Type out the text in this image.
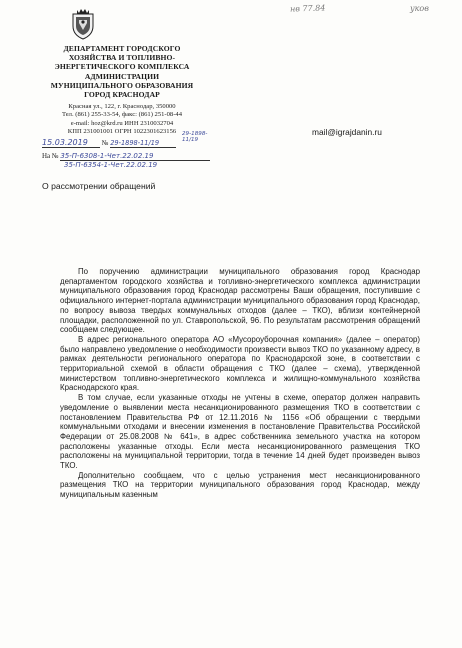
нв 77.84	уков
ДЕПАРТАМЕНТ ГОРОДСКОГО
ХОЗЯЙСТВА И ТОПЛИВНО-
ЭНЕРГЕТИЧЕСКОГО КОМПЛЕКСА
АДМИНИСТРАЦИИ
МУНИЦИПАЛЬНОГО ОБРАЗОВАНИЯ
ГОРОД КРАСНОДАР
Красная ул., 122, г. Краснодар, 350000
Тел. (861) 255-33-54, факс: (861) 251-08-44
e-mail: hoz@krd.ru ИНН 2310032704
КПП 231001001 ОГРН 1022301623156
15.03.2019 № 29-1898-11/19
29-1898-11/19
На № 35-П-6308-1-Чет.22.02.19
35-П-6354-1-Чет.22.02.19
mail@igrajdanin.ru
О рассмотрении обращений

По поручению администрации муниципального образования город Краснодар департаментом городского хозяйства и топливно-энергетического комплекса администрации муниципального образования город Краснодар рассмотрены Ваши обращения, поступившие с официального интернет-портала администрации муниципального образования город Краснодар, по вопросу вывоза твердых коммунальных отходов (далее – ТКО), вблизи контейнерной площадки, расположенной по ул. Ставропольской, 96. По результатам рассмотрения обращений сообщаем следующее.

В адрес регионального оператора АО «Мусороуборочная компания» (далее – оператор) было направлено уведомление о необходимости произвести вывоз ТКО по указанному адресу, в рамках деятельности регионального оператора по Краснодарской зоне, в соответствии с территориальной схемой в области обращения с ТКО (далее – схема), утвержденной министерством топливно-энергетического комплекса и жилищно-коммунального хозяйства Краснодарского края.

В том случае, если указанные отходы не учтены в схеме, оператор должен направить уведомление о выявлении места несанкционированного размещения ТКО в соответствии с постановлением Правительства РФ от 12.11.2016 № 1156 «Об обращении с твердыми коммунальными отходами и внесении изменения в постановление Правительства Российской Федерации от 25.08.2008 № 641», в адрес собственника земельного участка на котором расположены указанные отходы. Если места несанкционированного размещения ТКО расположены на муниципальной территории, тогда в течение 14 дней будет произведен вывоз ТКО.

Дополнительно сообщаем, что с целью устранения мест несанкционированного размещения ТКО на территории муниципального образования город Краснодар, между муниципальным казенным
